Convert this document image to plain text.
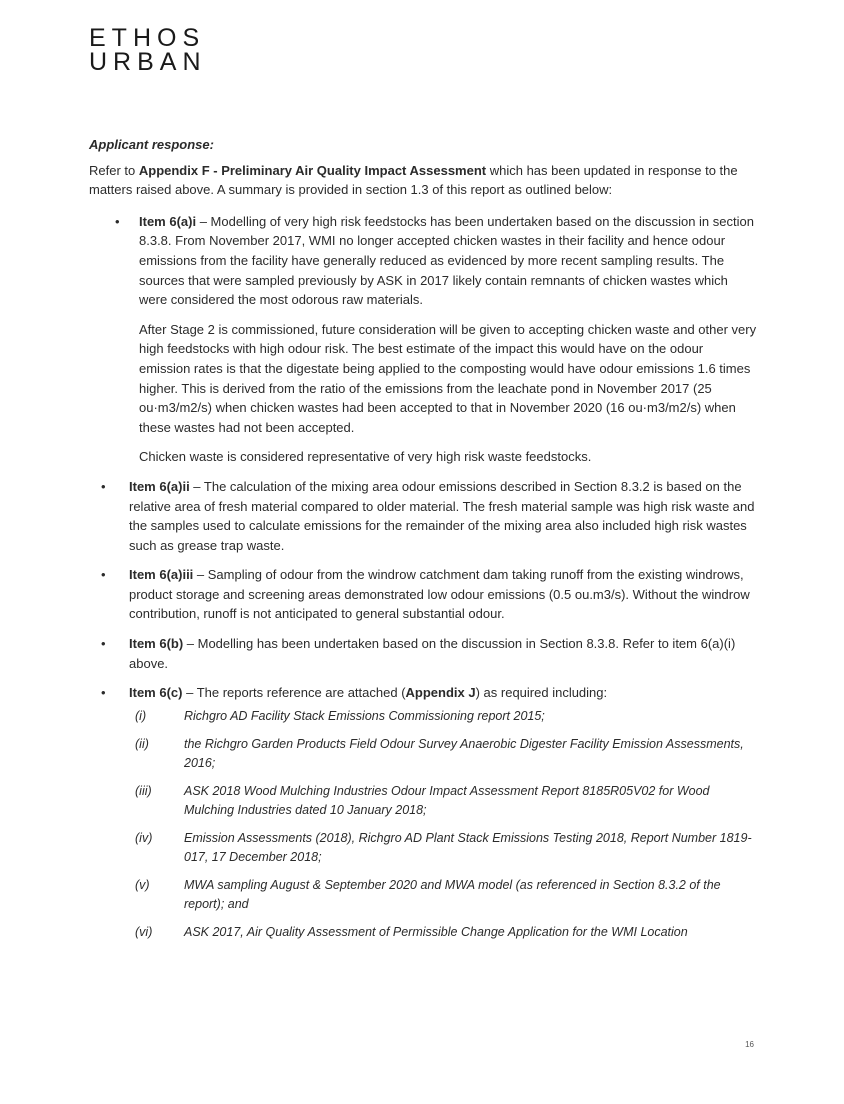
ETHOS
URBAN

Applicant response:

Refer to Appendix F - Preliminary Air Quality Impact Assessment which has been updated in response to the matters raised above. A summary is provided in section 1.3 of this report as outlined below:

• Item 6(a)i – Modelling of very high risk feedstocks has been undertaken based on the discussion in section 8.3.8. From November 2017, WMI no longer accepted chicken wastes in their facility and hence odour emissions from the facility have generally reduced as evidenced by more recent sampling results. The sources that were sampled previously by ASK in 2017 likely contain remnants of chicken wastes which were considered the most odorous raw materials.

After Stage 2 is commissioned, future consideration will be given to accepting chicken waste and other very high feedstocks with high odour risk. The best estimate of the impact this would have on the odour emission rates is that the digestate being applied to the composting would have odour emissions 1.6 times higher. This is derived from the ratio of the emissions from the leachate pond in November 2017 (25 ou·m3/m2/s) when chicken wastes had been accepted to that in November 2020 (16 ou·m3/m2/s) when these wastes had not been accepted.

Chicken waste is considered representative of very high risk waste feedstocks.

• Item 6(a)ii – The calculation of the mixing area odour emissions described in Section 8.3.2 is based on the relative area of fresh material compared to older material. The fresh material sample was high risk waste and the samples used to calculate emissions for the remainder of the mixing area also included high risk wastes such as grease trap waste.

• Item 6(a)iii – Sampling of odour from the windrow catchment dam taking runoff from the existing windrows, product storage and screening areas demonstrated low odour emissions (0.5 ou.m3/s). Without the windrow contribution, runoff is not anticipated to general substantial odour.

• Item 6(b) – Modelling has been undertaken based on the discussion in Section 8.3.8. Refer to item 6(a)(i) above.

• Item 6(c) – The reports reference are attached (Appendix J) as required including:

(i)	Richgro AD Facility Stack Emissions Commissioning report 2015;
(ii)	the Richgro Garden Products Field Odour Survey Anaerobic Digester Facility Emission Assessments, 2016;
(iii)	ASK 2018 Wood Mulching Industries Odour Impact Assessment Report 8185R05V02 for Wood Mulching Industries dated 10 January 2018;
(iv)	Emission Assessments (2018), Richgro AD Plant Stack Emissions Testing 2018, Report Number 1819-017, 17 December 2018;
(v)	MWA sampling August & September 2020 and MWA model (as referenced in Section 8.3.2 of the report); and
(vi)	ASK 2017, Air Quality Assessment of Permissible Change Application for the WMI Location
16
